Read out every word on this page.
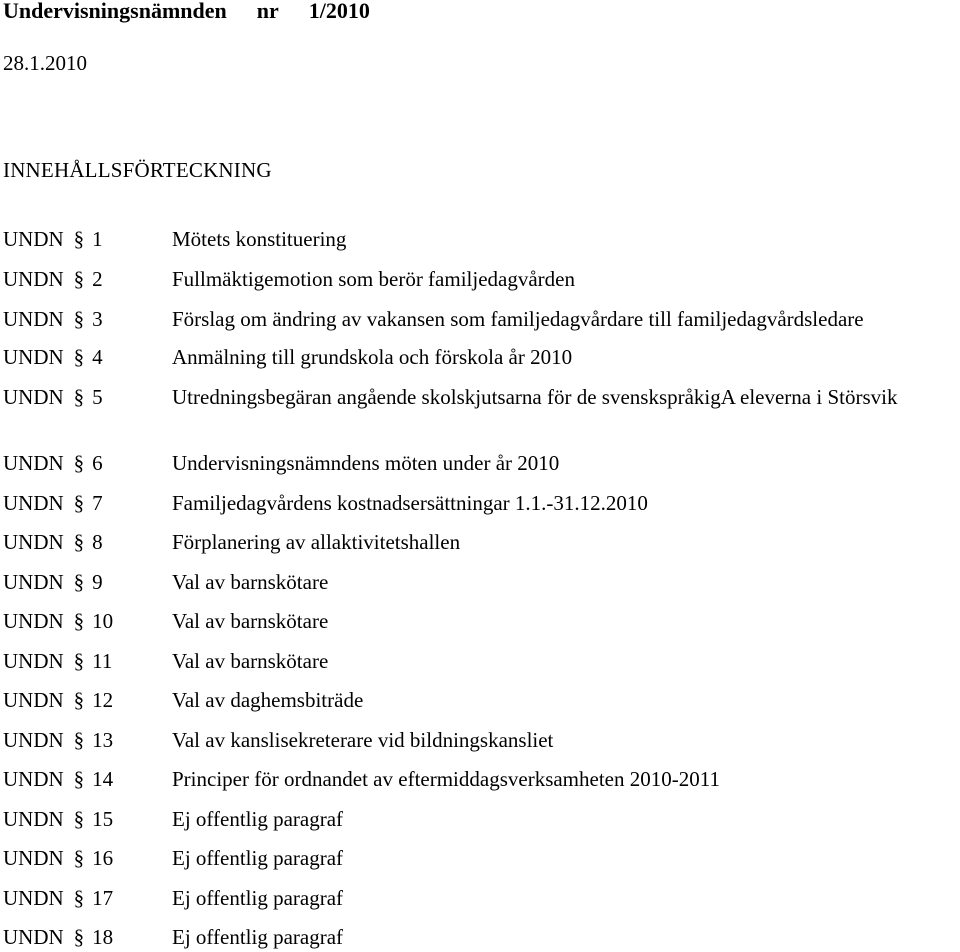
Undervisningsnämnden nr 1/2010
28.1.2010
INNEHÅLLSFÖRTECKNING
UNDN § 1	Mötets konstituering
UNDN § 2	Fullmäktigemotion som berör familjedagvården
UNDN § 3	Förslag om ändring av vakansen som familjedagvårdare till familjedagvårdsledare
UNDN § 4	Anmälning till grundskola och förskola år 2010
UNDN § 5	Utredningsbegäran angående skolskjutsarna för de svenskspråkigA eleverna i Störsvik
UNDN § 6	Undervisningsnämndens möten under år 2010
UNDN § 7	Familjedagvårdens kostnadsersättningar 1.1.-31.12.2010
UNDN § 8	Förplanering av allaktivitetshallen
UNDN § 9	Val av barnskötare
UNDN § 10	Val av barnskötare
UNDN § 11	Val av barnskötare
UNDN § 12	Val av daghemsbiträde
UNDN § 13	Val av kanslisekreterare vid bildningskansliet
UNDN § 14	Principer för ordnandet av eftermiddagsverksamheten 2010-2011
UNDN § 15	Ej offentlig paragraf
UNDN § 16	Ej offentlig paragraf
UNDN § 17	Ej offentlig paragraf
UNDN § 18	Ej offentlig paragraf
